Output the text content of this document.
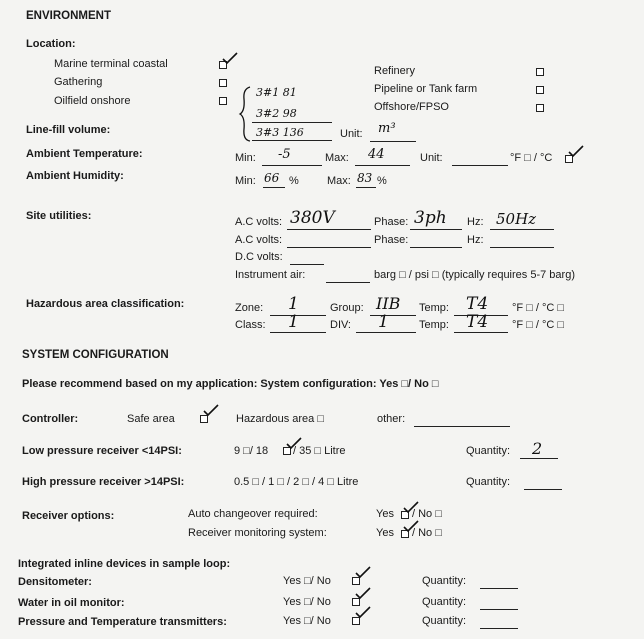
ENVIRONMENT
Location:
Marine terminal coastal
Gathering
Oilfield onshore
Refinery
Pipeline or Tank farm
Offshore/FPSO
3#1 81
3#2 98
3#3 136
Line-fill volume:	Unit: m³
Ambient Temperature:	Min: -5	Max: 44	Unit:	°F □ / °C
Ambient Humidity:	Min: 66 %	Max: 83 %
Site utilities:	A.C volts: 380V	Phase: 3ph Hz: 50Hz
A.C volts:	Phase:	Hz:
D.C volts:
Instrument air:	barg □ / psi □ (typically requires 5-7 barg)
Hazardous area classification:	Zone: 1	Group: IIB Temp: T4 °F □ / °C □
Class: 1	DIV: 1	Temp: T4 °F □ / °C □
SYSTEM CONFIGURATION
Please recommend based on my application: System configuration: Yes □/ No □
Controller:	Safe area	Hazardous area □	other:
Low pressure receiver <14PSI:	9 □/ 18 / 35 □ Litre	Quantity: 2
High pressure receiver >14PSI:	0.5 □ / 1 □ / 2 □ / 4 □ Litre	Quantity:
Receiver options:	Auto changeover required:	Yes / No □
Receiver monitoring system:	Yes / No □
Integrated inline devices in sample loop:
Densitometer:	Yes □/ No	Quantity:
Water in oil monitor:	Yes □/ No	Quantity:
Pressure and Temperature transmitters:	Yes □/ No	Quantity:
